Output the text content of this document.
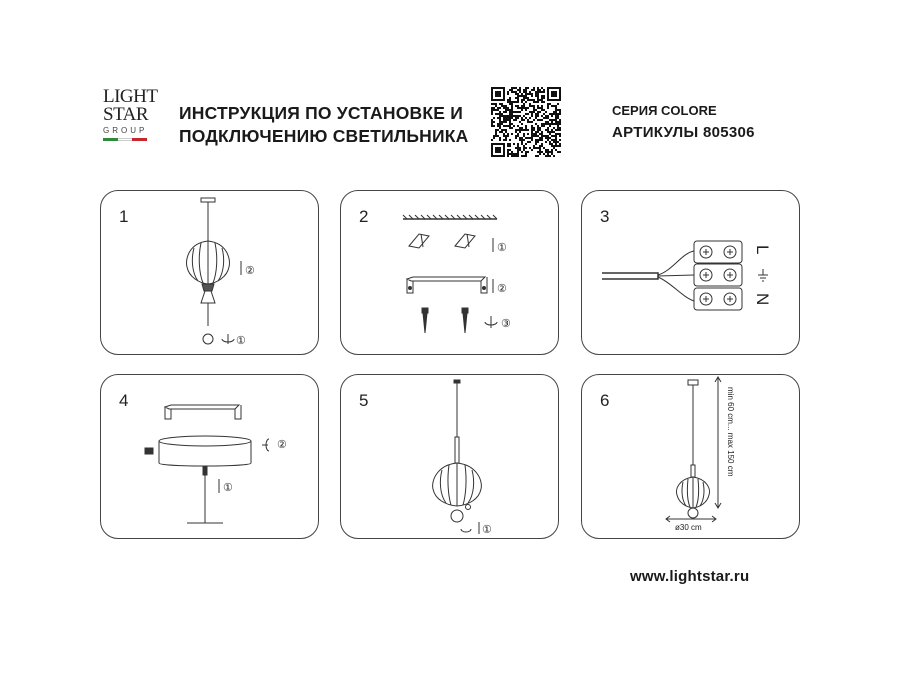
LIGHT
STAR
GROUP
ИНСТРУКЦИЯ ПО УСТАНОВКЕ И
ПОДКЛЮЧЕНИЮ СВЕТИЛЬНИКА
СЕРИЯ COLORE
АРТИКУЛЫ 805306
1
②
①
2
①
②
③
3
L
N
4
①
②
5
①
6	min 60 cm... max 150 cm
ø30 cm
www.lightstar.ru
